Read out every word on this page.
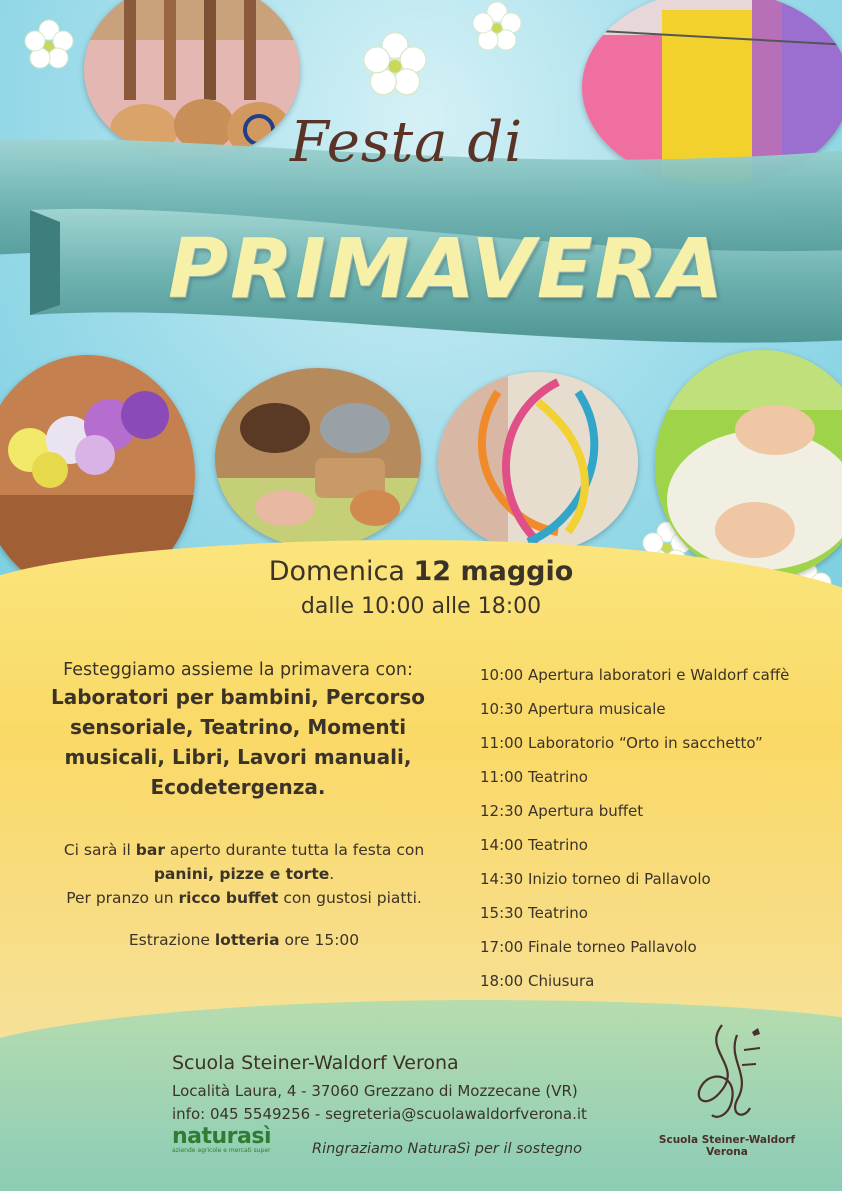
Festa di
PRIMAVERA
Domenica 12 maggio
dalle 10:00 alle 18:00
Festeggiamo assieme la primavera con:
Laboratori per bambini, Percorso sensoriale, Teatrino, Momenti musicali, Libri, Lavori manuali, Ecodetergenza.
Ci sarà il bar aperto durante tutta la festa con
panini, pizze e torte.
Per pranzo un ricco buffet con gustosi piatti.
Estrazione lotteria ore 15:00
10:00 Apertura laboratori e Waldorf caffè
10:30 Apertura musicale
11:00 Laboratorio “Orto in sacchetto”
11:00 Teatrino
12:30 Apertura buffet
14:00 Teatrino
14:30 Inizio torneo di Pallavolo
15:30 Teatrino
17:00 Finale torneo Pallavolo
18:00 Chiusura
Scuola Steiner-Waldorf Verona
Località Laura, 4 - 37060 Grezzano di Mozzecane (VR)
info: 045 5549256 - segreteria@scuolawaldorfverona.it
naturasì
aziende agricole e mercati super	Ringraziamo NaturaSì per il sostegno
Scuola Steiner-Waldorf
Verona
